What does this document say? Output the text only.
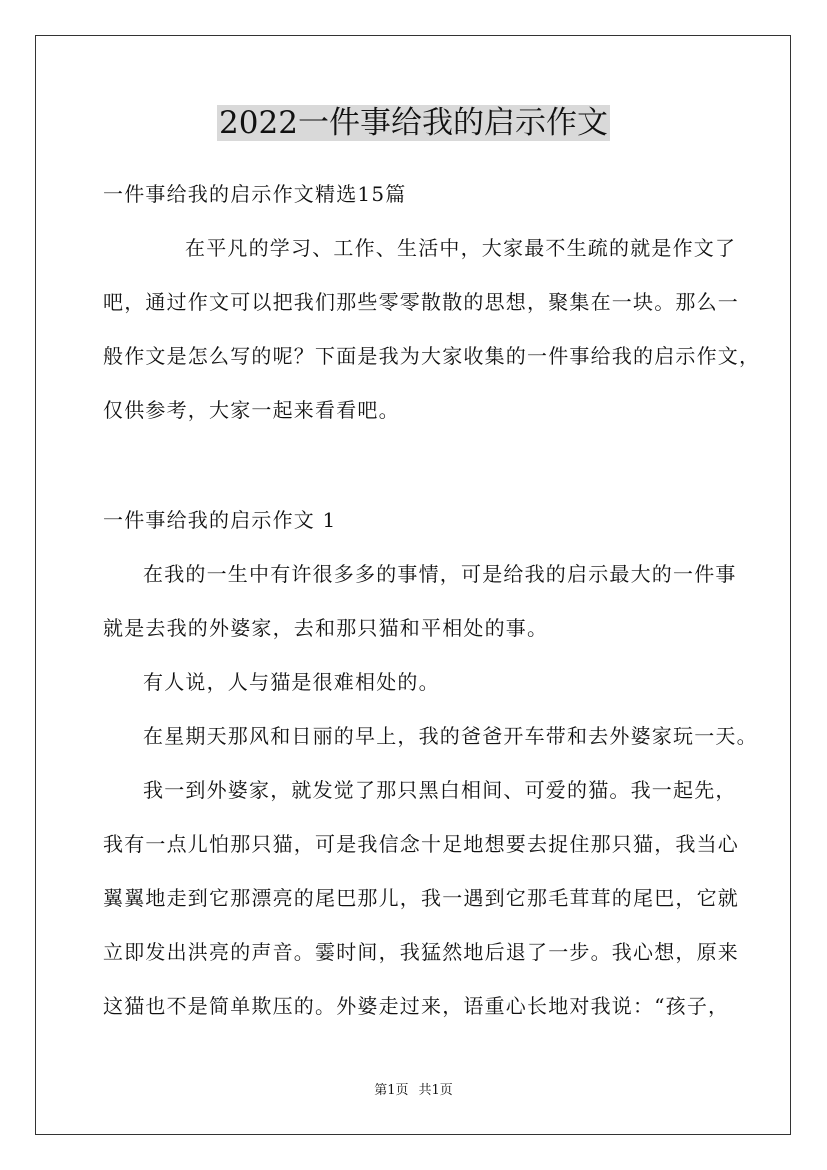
2022一件事给我的启示作文
一件事给我的启示作文精选15篇
在平凡的学习、工作、生活中，大家最不生疏的就是作文了
吧，通过作文可以把我们那些零零散散的思想，聚集在一块。那么一
般作文是怎么写的呢？下面是我为大家收集的一件事给我的启示作文，
仅供参考，大家一起来看看吧。
一件事给我的启示作文 1
在我的一生中有许很多多的事情，可是给我的启示最大的一件事
就是去我的外婆家，去和那只猫和平相处的事。
有人说，人与猫是很难相处的。
在星期天那风和日丽的早上，我的爸爸开车带和去外婆家玩一天。
我一到外婆家，就发觉了那只黑白相间、可爱的猫。我一起先，
我有一点儿怕那只猫，可是我信念十足地想要去捉住那只猫，我当心
翼翼地走到它那漂亮的尾巴那儿，我一遇到它那毛茸茸的尾巴，它就
立即发出洪亮的声音。霎时间，我猛然地后退了一步。我心想，原来
这猫也不是简单欺压的。外婆走过来，语重心长地对我说：“孩子，
第1页 共1页
